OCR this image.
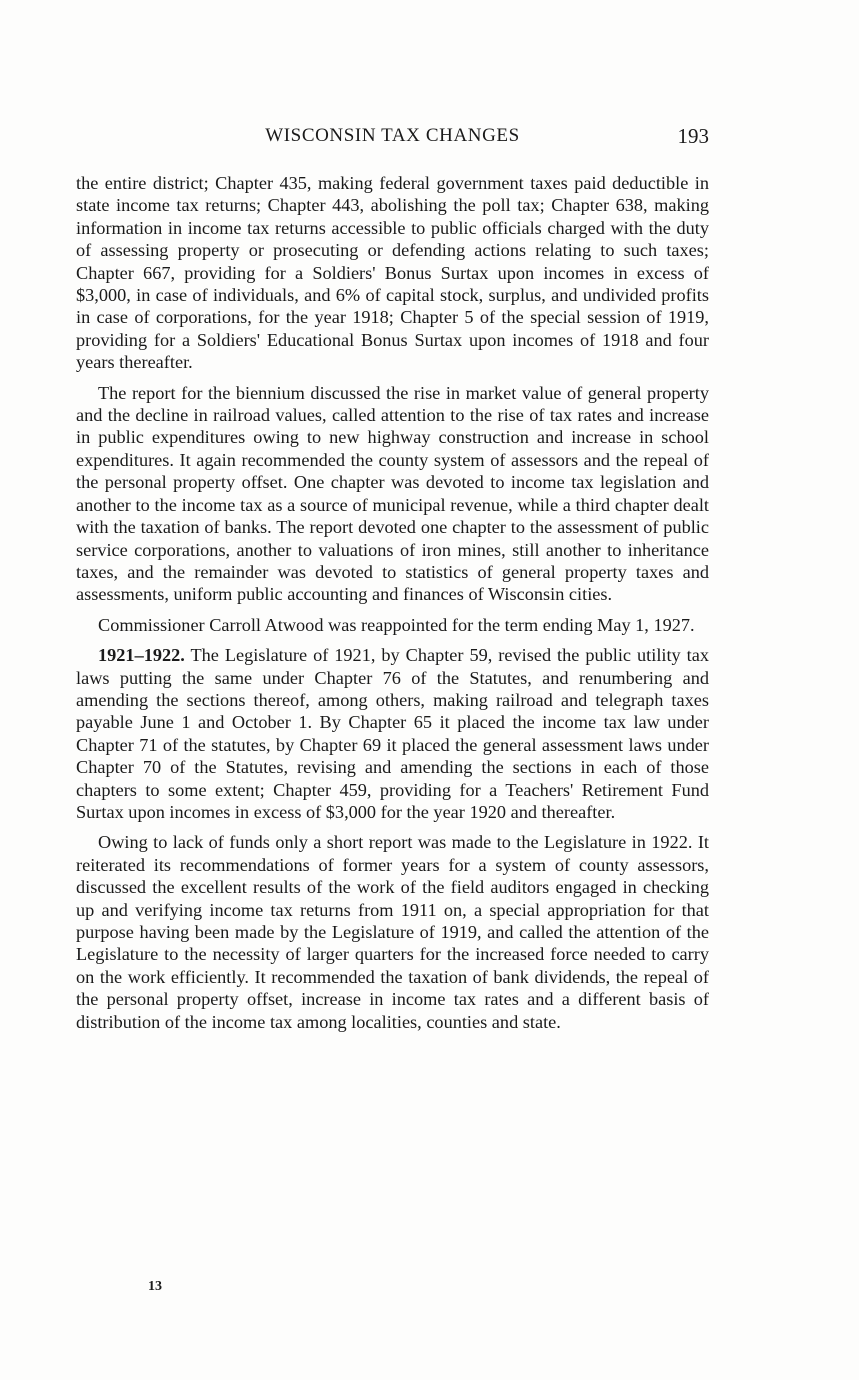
WISCONSIN TAX CHANGES	193

the entire district; Chapter 435, making federal government taxes paid deductible in state income tax returns; Chapter 443, abolishing the poll tax; Chapter 638, making information in income tax returns accessible to public officials charged with the duty of assessing property or prosecuting or defending actions relating to such taxes; Chapter 667, providing for a Soldiers' Bonus Surtax upon incomes in excess of $3,000, in case of individuals, and 6% of capital stock, surplus, and undivided profits in case of corporations, for the year 1918; Chapter 5 of the special session of 1919, providing for a Soldiers' Educational Bonus Surtax upon incomes of 1918 and four years thereafter.

The report for the biennium discussed the rise in market value of general property and the decline in railroad values, called attention to the rise of tax rates and increase in public expenditures owing to new highway construction and increase in school expenditures. It again recommended the county system of assessors and the repeal of the personal property offset. One chapter was devoted to income tax legislation and another to the income tax as a source of municipal revenue, while a third chapter dealt with the taxation of banks. The report devoted one chapter to the assessment of public service corporations, another to valuations of iron mines, still another to inheritance taxes, and the remainder was devoted to statistics of general property taxes and assessments, uniform public accounting and finances of Wisconsin cities.

Commissioner Carroll Atwood was reappointed for the term ending May 1, 1927.

1921–1922. The Legislature of 1921, by Chapter 59, revised the public utility tax laws putting the same under Chapter 76 of the Statutes, and renumbering and amending the sections thereof, among others, making railroad and telegraph taxes payable June 1 and October 1. By Chapter 65 it placed the income tax law under Chapter 71 of the statutes, by Chapter 69 it placed the general assessment laws under Chapter 70 of the Statutes, revising and amending the sections in each of those chapters to some extent; Chapter 459, providing for a Teachers' Retirement Fund Surtax upon incomes in excess of $3,000 for the year 1920 and thereafter.

Owing to lack of funds only a short report was made to the Legislature in 1922. It reiterated its recommendations of former years for a system of county assessors, discussed the excellent results of the work of the field auditors engaged in checking up and verifying income tax returns from 1911 on, a special appropriation for that purpose having been made by the Legislature of 1919, and called the attention of the Legislature to the necessity of larger quarters for the increased force needed to carry on the work efficiently. It recommended the taxation of bank dividends, the repeal of the personal property offset, increase in income tax rates and a different basis of distribution of the income tax among localities, counties and state.

13
